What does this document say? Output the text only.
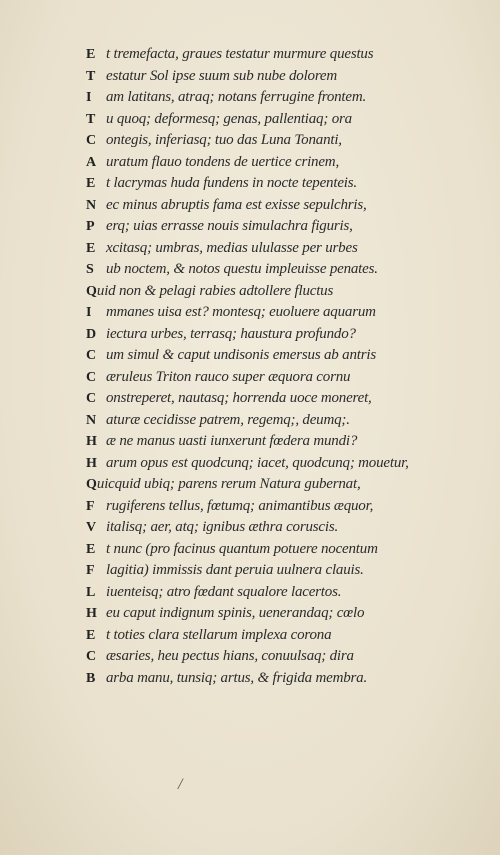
E t tremefacta, graues testatur murmure questus
T estatur Sol ipse suum sub nube dolorem
I am latitans, atraq; notans ferrugine frontem.
T u quoq; deformesq; genas, pallentiaq; ora
C ontegis, inferiasq; tuo das Luna Tonanti,
A uratum flauo tondens de uertice crinem,
E t lacrymas huda fundens in nocte tepenteis.
N ec minus abruptis fama est exisse sepulchris,
P erq; uias errasse nouis simulachra figuris,
E xcitasq; umbras, medias ululasse per urbes
S ub noctem, & notos questu impleuisse penates.
Q uid non & pelagi rabies adtollere fluctus
I mmanes uisa est? montesq; euoluere aquarum
D iectura urbes, terrasq; haustura profundo?
C um simul & caput undisonis emersus ab antris
C æruleus Triton rauco super æquora cornu
C onstreperet, nautasq; horrenda uoce moneret,
N aturæ cecidisse patrem, regemq;, deumq;.
H æ ne manus uasti iunxerunt fœdera mundi?
H arum opus est quodcunq; iacet, quodcunq; mouetur,
Q uicquid ubiq; parens rerum Natura gubernat,
F rugiferens tellus, fœtumq; animantibus æquor,
V italisq; aer, atq; ignibus æthra coruscis.
E t nunc (pro facinus quantum potuere nocentum
F lagitia) immissis dant peruia uulnera clauis.
L iuenteisq; atro fœdant squalore lacertos.
H eu caput indignum spinis, uenerandaq; cœlo
E t toties clara stellarum implexa corona
C æsaries, heu pectus hians, conuulsaq; dira
B arba manu, tunsiq; artus, & frigida membra.
/
